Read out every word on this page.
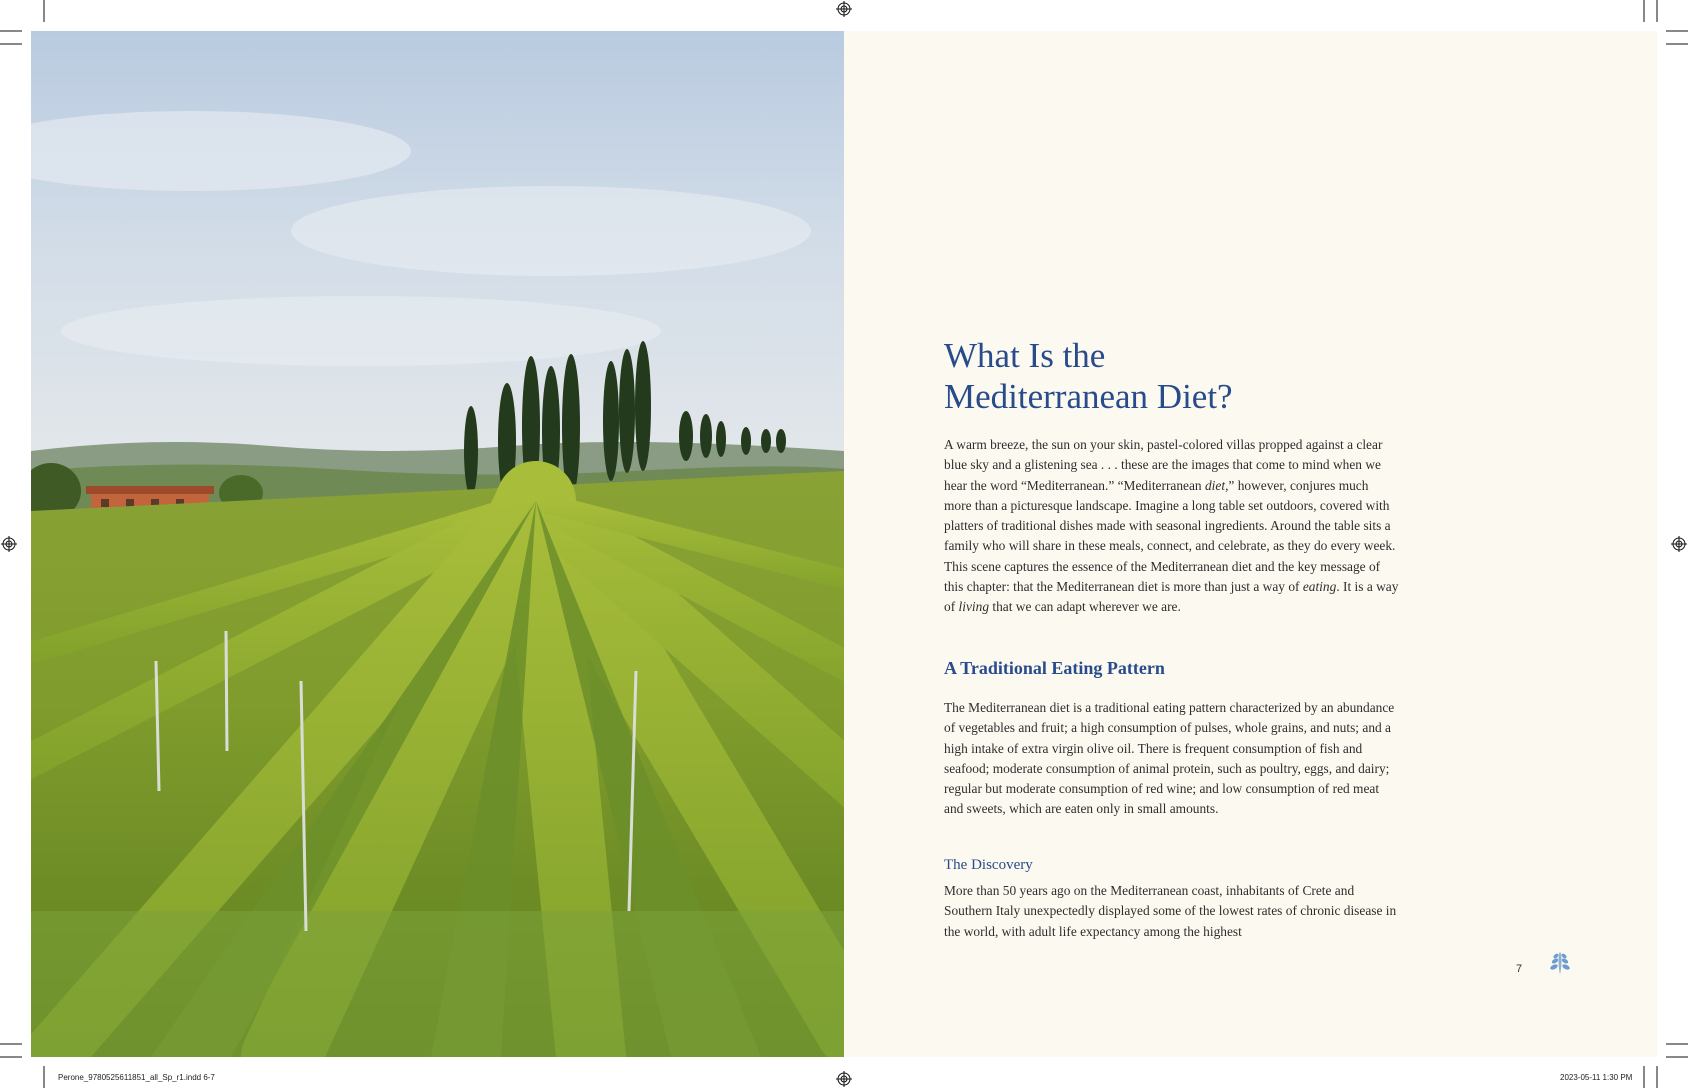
What Is the
Mediterranean Diet?

A warm breeze, the sun on your skin, pastel-colored villas propped against a clear blue sky and a glistening sea . . . these are the images that come to mind when we hear the word “Mediterranean.” “Mediterranean diet,” however, conjures much more than a picturesque landscape. Imagine a long table set outdoors, covered with platters of traditional dishes made with seasonal ingredients. Around the table sits a family who will share in these meals, connect, and celebrate, as they do every week. This scene captures the essence of the Mediterranean diet and the key message of this chapter: that the Mediterranean diet is more than just a way of eating. It is a way of living that we can adapt wherever we are.

A Traditional Eating Pattern

The Mediterranean diet is a traditional eating pattern characterized by an abundance of vegetables and fruit; a high consumption of pulses, whole grains, and nuts; and a high intake of extra virgin olive oil. There is frequent consumption of fish and seafood; moderate consumption of animal protein, such as poultry, eggs, and dairy; regular but moderate consumption of red wine; and low consumption of red meat and sweets, which are eaten only in small amounts.

The Discovery

More than 50 years ago on the Mediterranean coast, inhabitants of Crete and Southern Italy unexpectedly displayed some of the lowest rates of chronic disease in the world, with adult life expectancy among the highest

7
Perone_9780525611851_all_Sp_r1.indd 6-7	2023-05-11 1:30 PM
